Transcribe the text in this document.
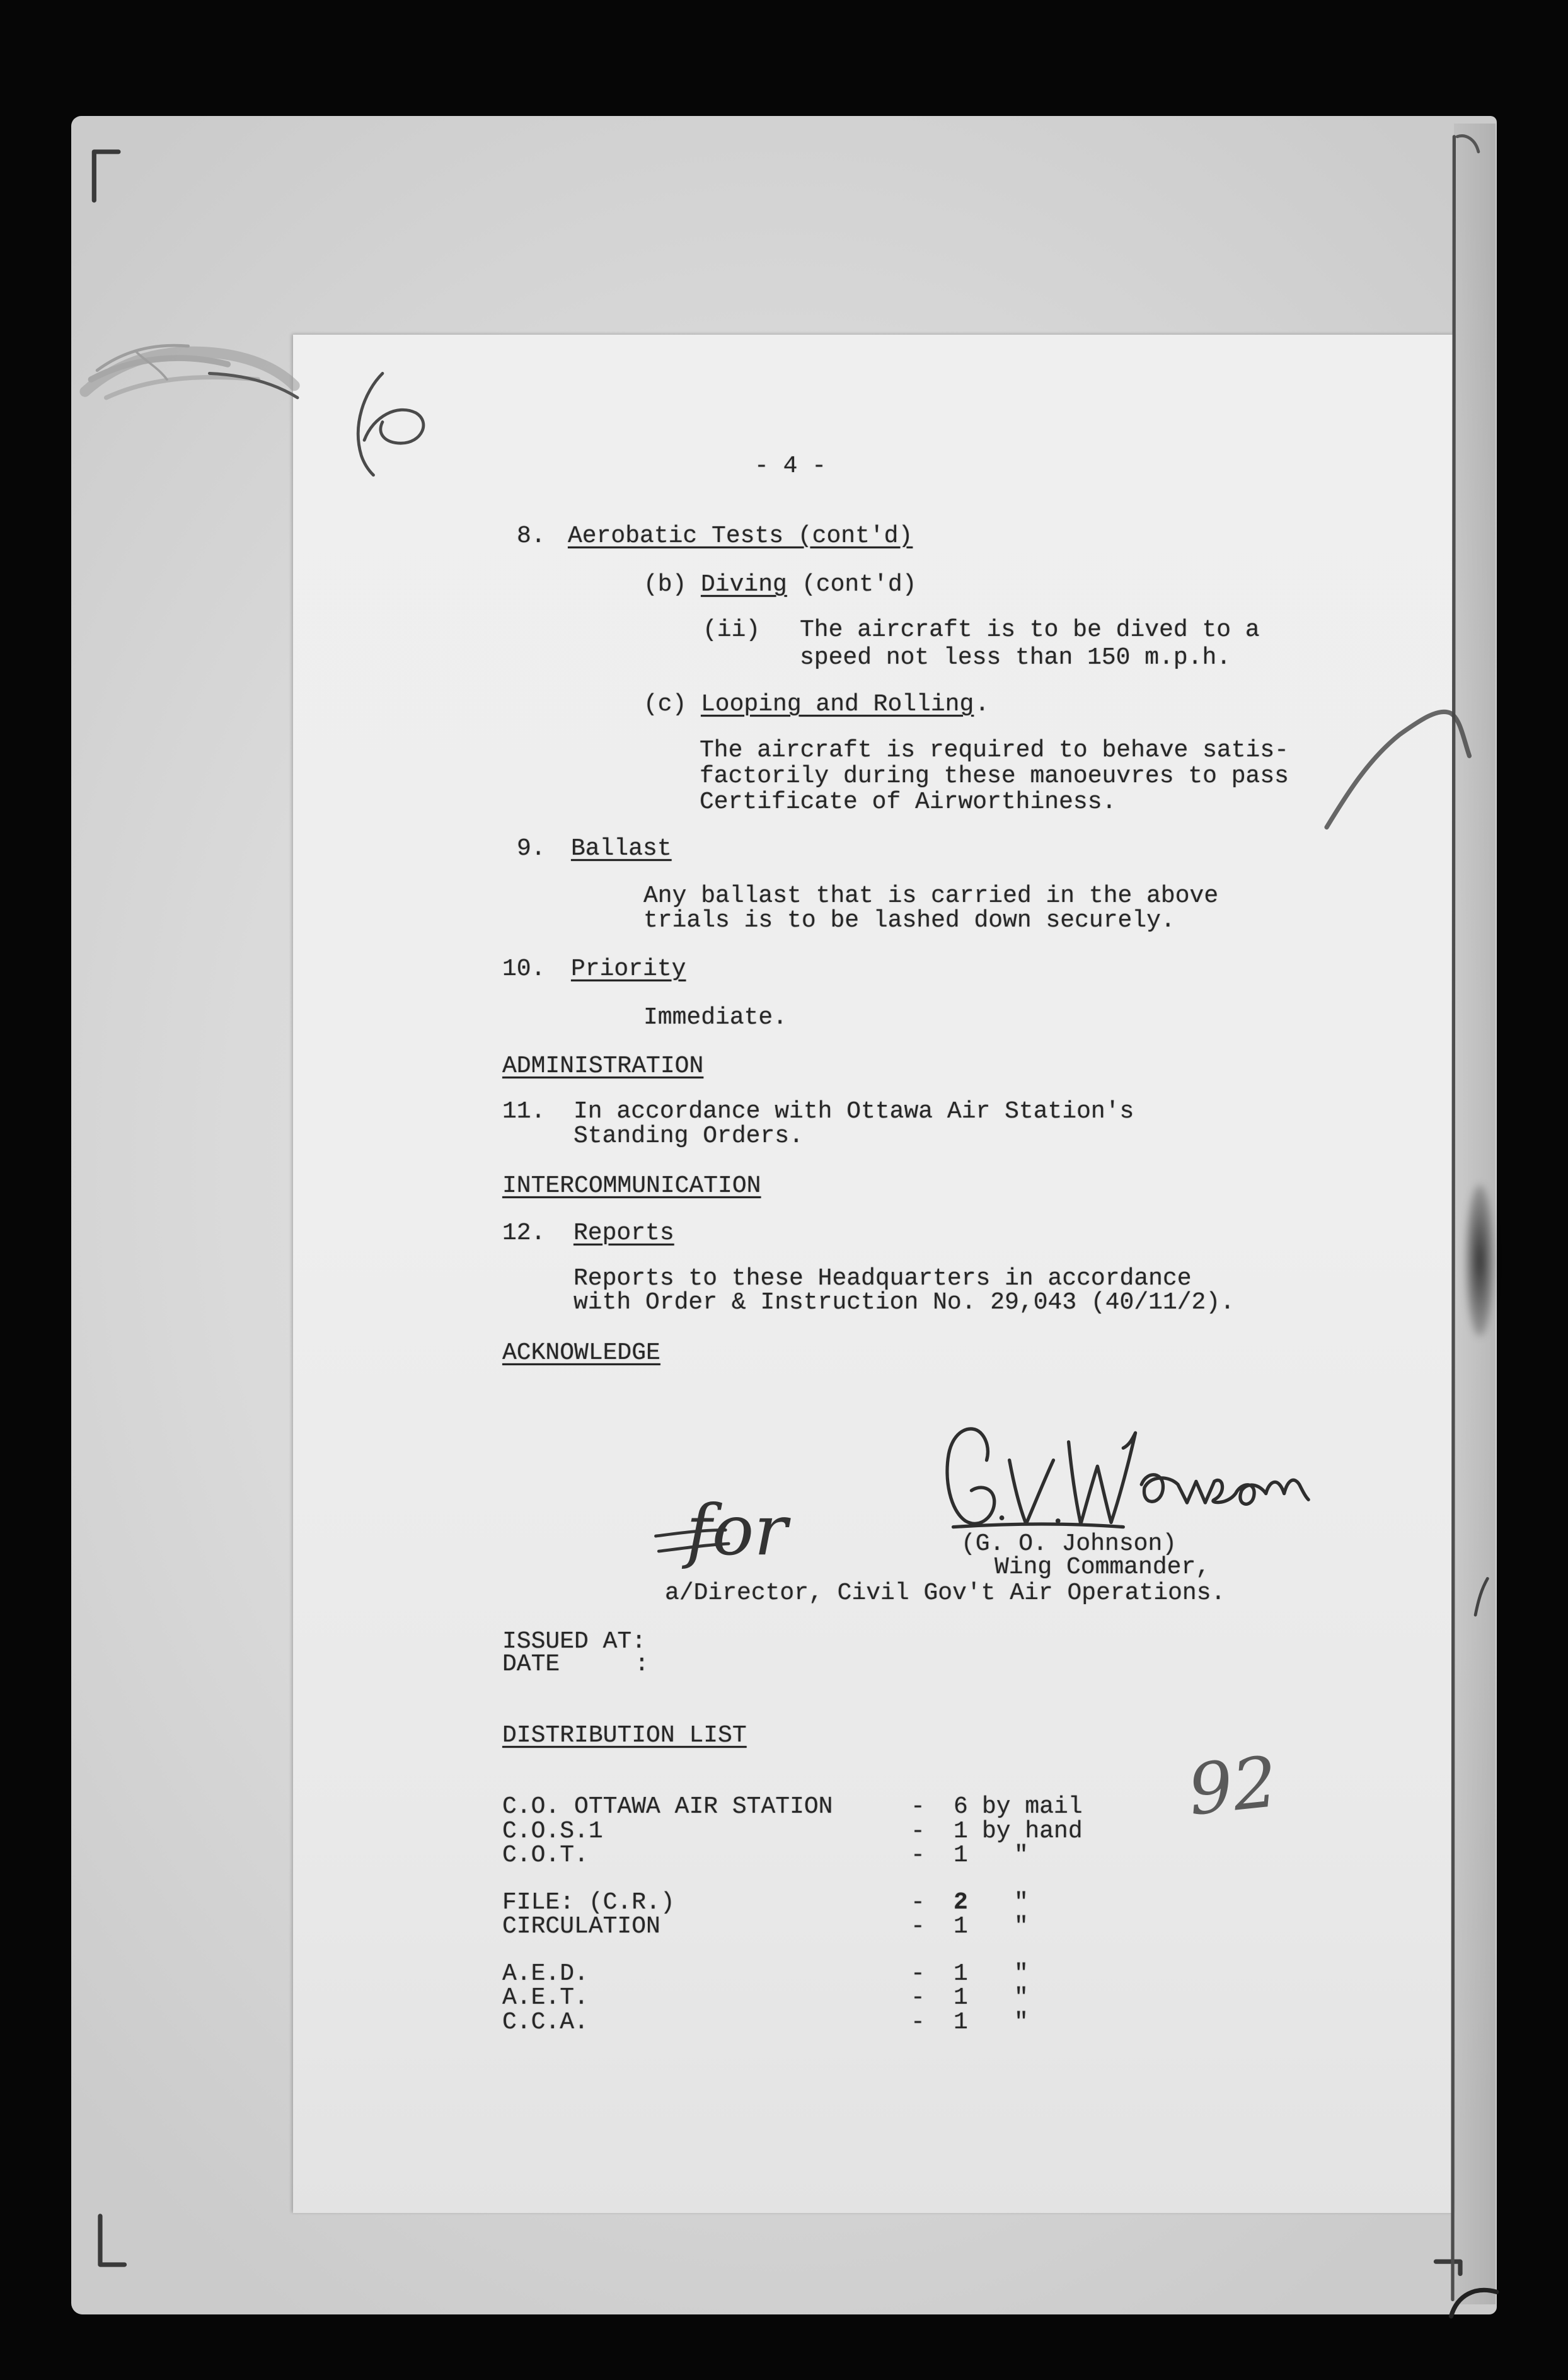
- 4 -
8. Aerobatic Tests (cont'd)
(b) Diving (cont'd)
(ii) The aircraft is to be dived to a
speed not less than 150 m.p.h.
(c) Looping and Rolling .
The aircraft is required to behave satis-
factorily during these manoeuvres to pass
Certificate of Airworthiness.
9. Ballast
Any ballast that is carried in the above
trials is to be lashed down securely.
10. Priority
Immediate.
ADMINISTRATION
11. In accordance with Ottawa Air Station's
Standing Orders.
INTERCOMMUNICATION
12. Reports
Reports to these Headquarters in accordance
with Order & Instruction No. 29,043 (40/11/2).
ACKNOWLEDGE
(G. O. Johnson)
Wing Commander,
a/Director, Civil Gov't Air Operations.
ISSUED AT:
DATE	:
DISTRIBUTION LIST
C.O. OTTAWA AIR STATION	- 6 by mail
C.O.S.1	- 1 by hand
C.O.T.	- 1 "
FILE: (C.R.)	- 2 "
CIRCULATION	- 1 "
A.E.D.	- 1 "
A.E.T.	- 1 "
C.C.A.	- 1 "
for
92
